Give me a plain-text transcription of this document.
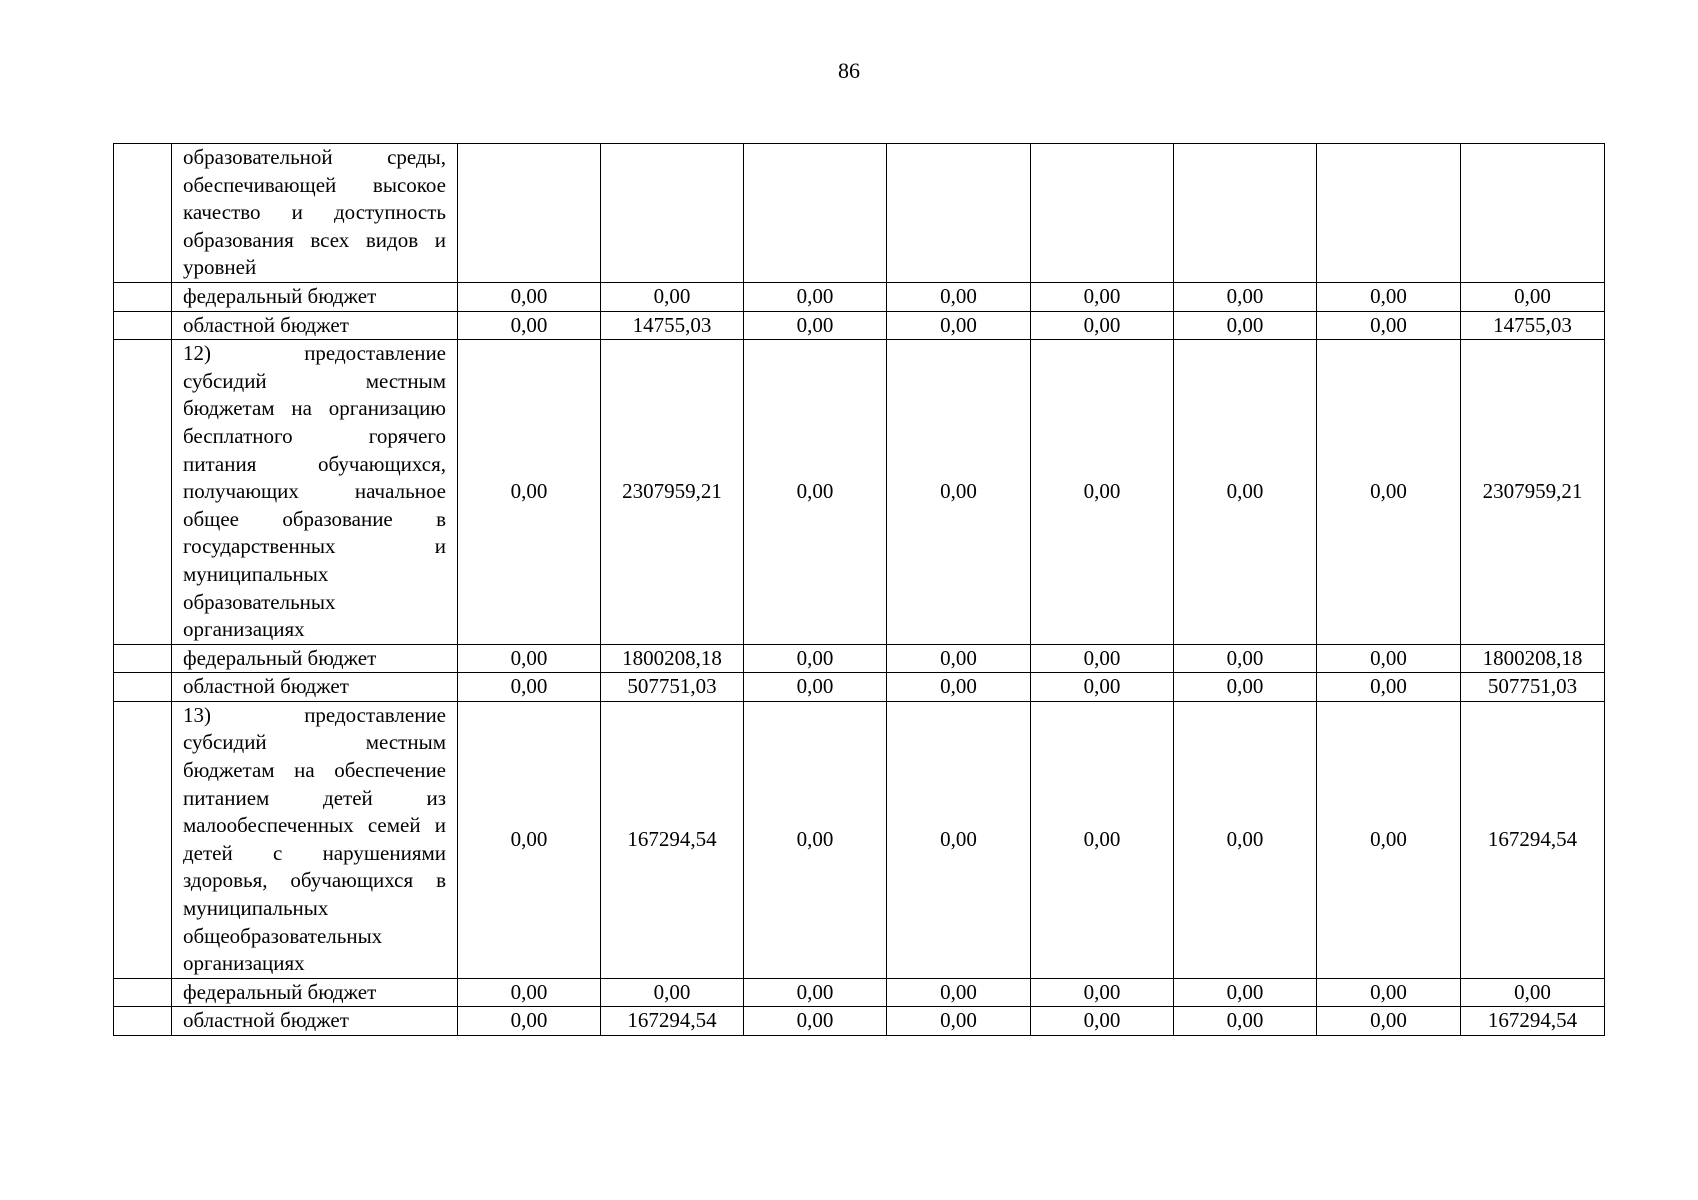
86
	образовательной среды, обеспечивающей высокое качество и доступность образования всех видов и уровней								
	федеральный бюджет	0,00	0,00	0,00	0,00	0,00	0,00	0,00	0,00
	областной бюджет	0,00	14755,03	0,00	0,00	0,00	0,00	0,00	14755,03
	12) предоставление субсидий местным бюджетам на организацию бесплатного горячего питания обучающихся, получающих начальное общее образование в государственных и муниципальных образовательных организациях	0,00	2307959,21	0,00	0,00	0,00	0,00	0,00	2307959,21
	федеральный бюджет	0,00	1800208,18	0,00	0,00	0,00	0,00	0,00	1800208,18
	областной бюджет	0,00	507751,03	0,00	0,00	0,00	0,00	0,00	507751,03
	13) предоставление субсидий местным бюджетам на обеспечение питанием детей из малообеспеченных семей и детей с нарушениями здоровья, обучающихся в муниципальных общеобразовательных организациях	0,00	167294,54	0,00	0,00	0,00	0,00	0,00	167294,54
	федеральный бюджет	0,00	0,00	0,00	0,00	0,00	0,00	0,00	0,00
	областной бюджет	0,00	167294,54	0,00	0,00	0,00	0,00	0,00	167294,54
